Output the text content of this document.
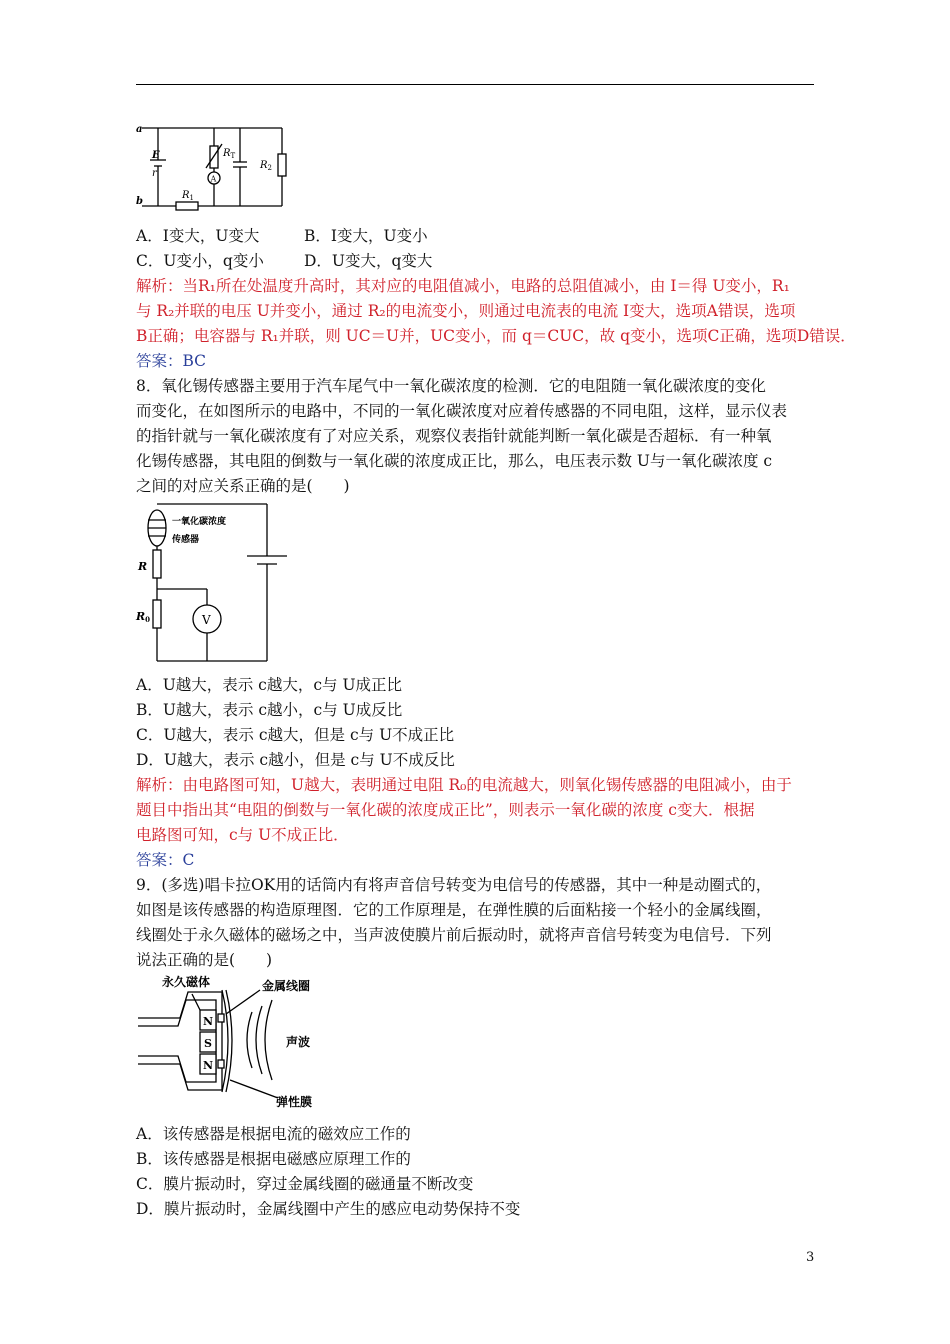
a
b
E
r
$R_T$
A
$R_2$
$R_1$
A．I变大，U变大	B．I变大，U变小
C．U变小，q变小	D．U变大，q变大
解析：当R₁所在处温度升高时，其对应的电阻值减小，电路的总阻值减小，由 I＝得 U变小，R₁
与 R₂并联的电压 U并变小，通过 R₂的电流变小，则通过电流表的电流 I变大，选项A错误，选项
B正确；电容器与 R₁并联，则 UC＝U并，UC变小，而 q＝CUC，故 q变小，选项C正确，选项D错误．
答案：BC
8．氧化锡传感器主要用于汽车尾气中一氧化碳浓度的检测．它的电阻随一氧化碳浓度的变化
而变化，在如图所示的电路中，不同的一氧化碳浓度对应着传感器的不同电阻，这样，显示仪表
的指针就与一氧化碳浓度有了对应关系，观察仪表指针就能判断一氧化碳是否超标．有一种氧
化锡传感器，其电阻的倒数与一氧化碳的浓度成正比，那么，电压表示数 U与一氧化碳浓度 c
之间的对应关系正确的是(　　)
一氧化碳浓度
传感器
R
R0	V
A．U越大，表示 c越大，c与 U成正比
B．U越大，表示 c越小，c与 U成反比
C．U越大，表示 c越大，但是 c与 U不成正比
D．U越大，表示 c越小，但是 c与 U不成反比
解析：由电路图可知，U越大，表明通过电阻 R₀的电流越大，则氧化锡传感器的电阻减小，由于
题目中指出其“电阻的倒数与一氧化碳的浓度成正比”，则表示一氧化碳的浓度 c变大．根据
电路图可知，c与 U不成正比．
答案：C
9．(多选)唱卡拉OK用的话筒内有将声音信号转变为电信号的传感器，其中一种是动圈式的，
如图是该传感器的构造原理图．它的工作原理是，在弹性膜的后面粘接一个轻小的金属线圈，
线圈处于永久磁体的磁场之中，当声波使膜片前后振动时，就将声音信号转变为电信号．下列
说法正确的是(　　)
N
S
N
永久磁体	金属线圈
声波
弹性膜
A．该传感器是根据电流的磁效应工作的
B．该传感器是根据电磁感应原理工作的
C．膜片振动时，穿过金属线圈的磁通量不断改变
D．膜片振动时，金属线圈中产生的感应电动势保持不变
3
